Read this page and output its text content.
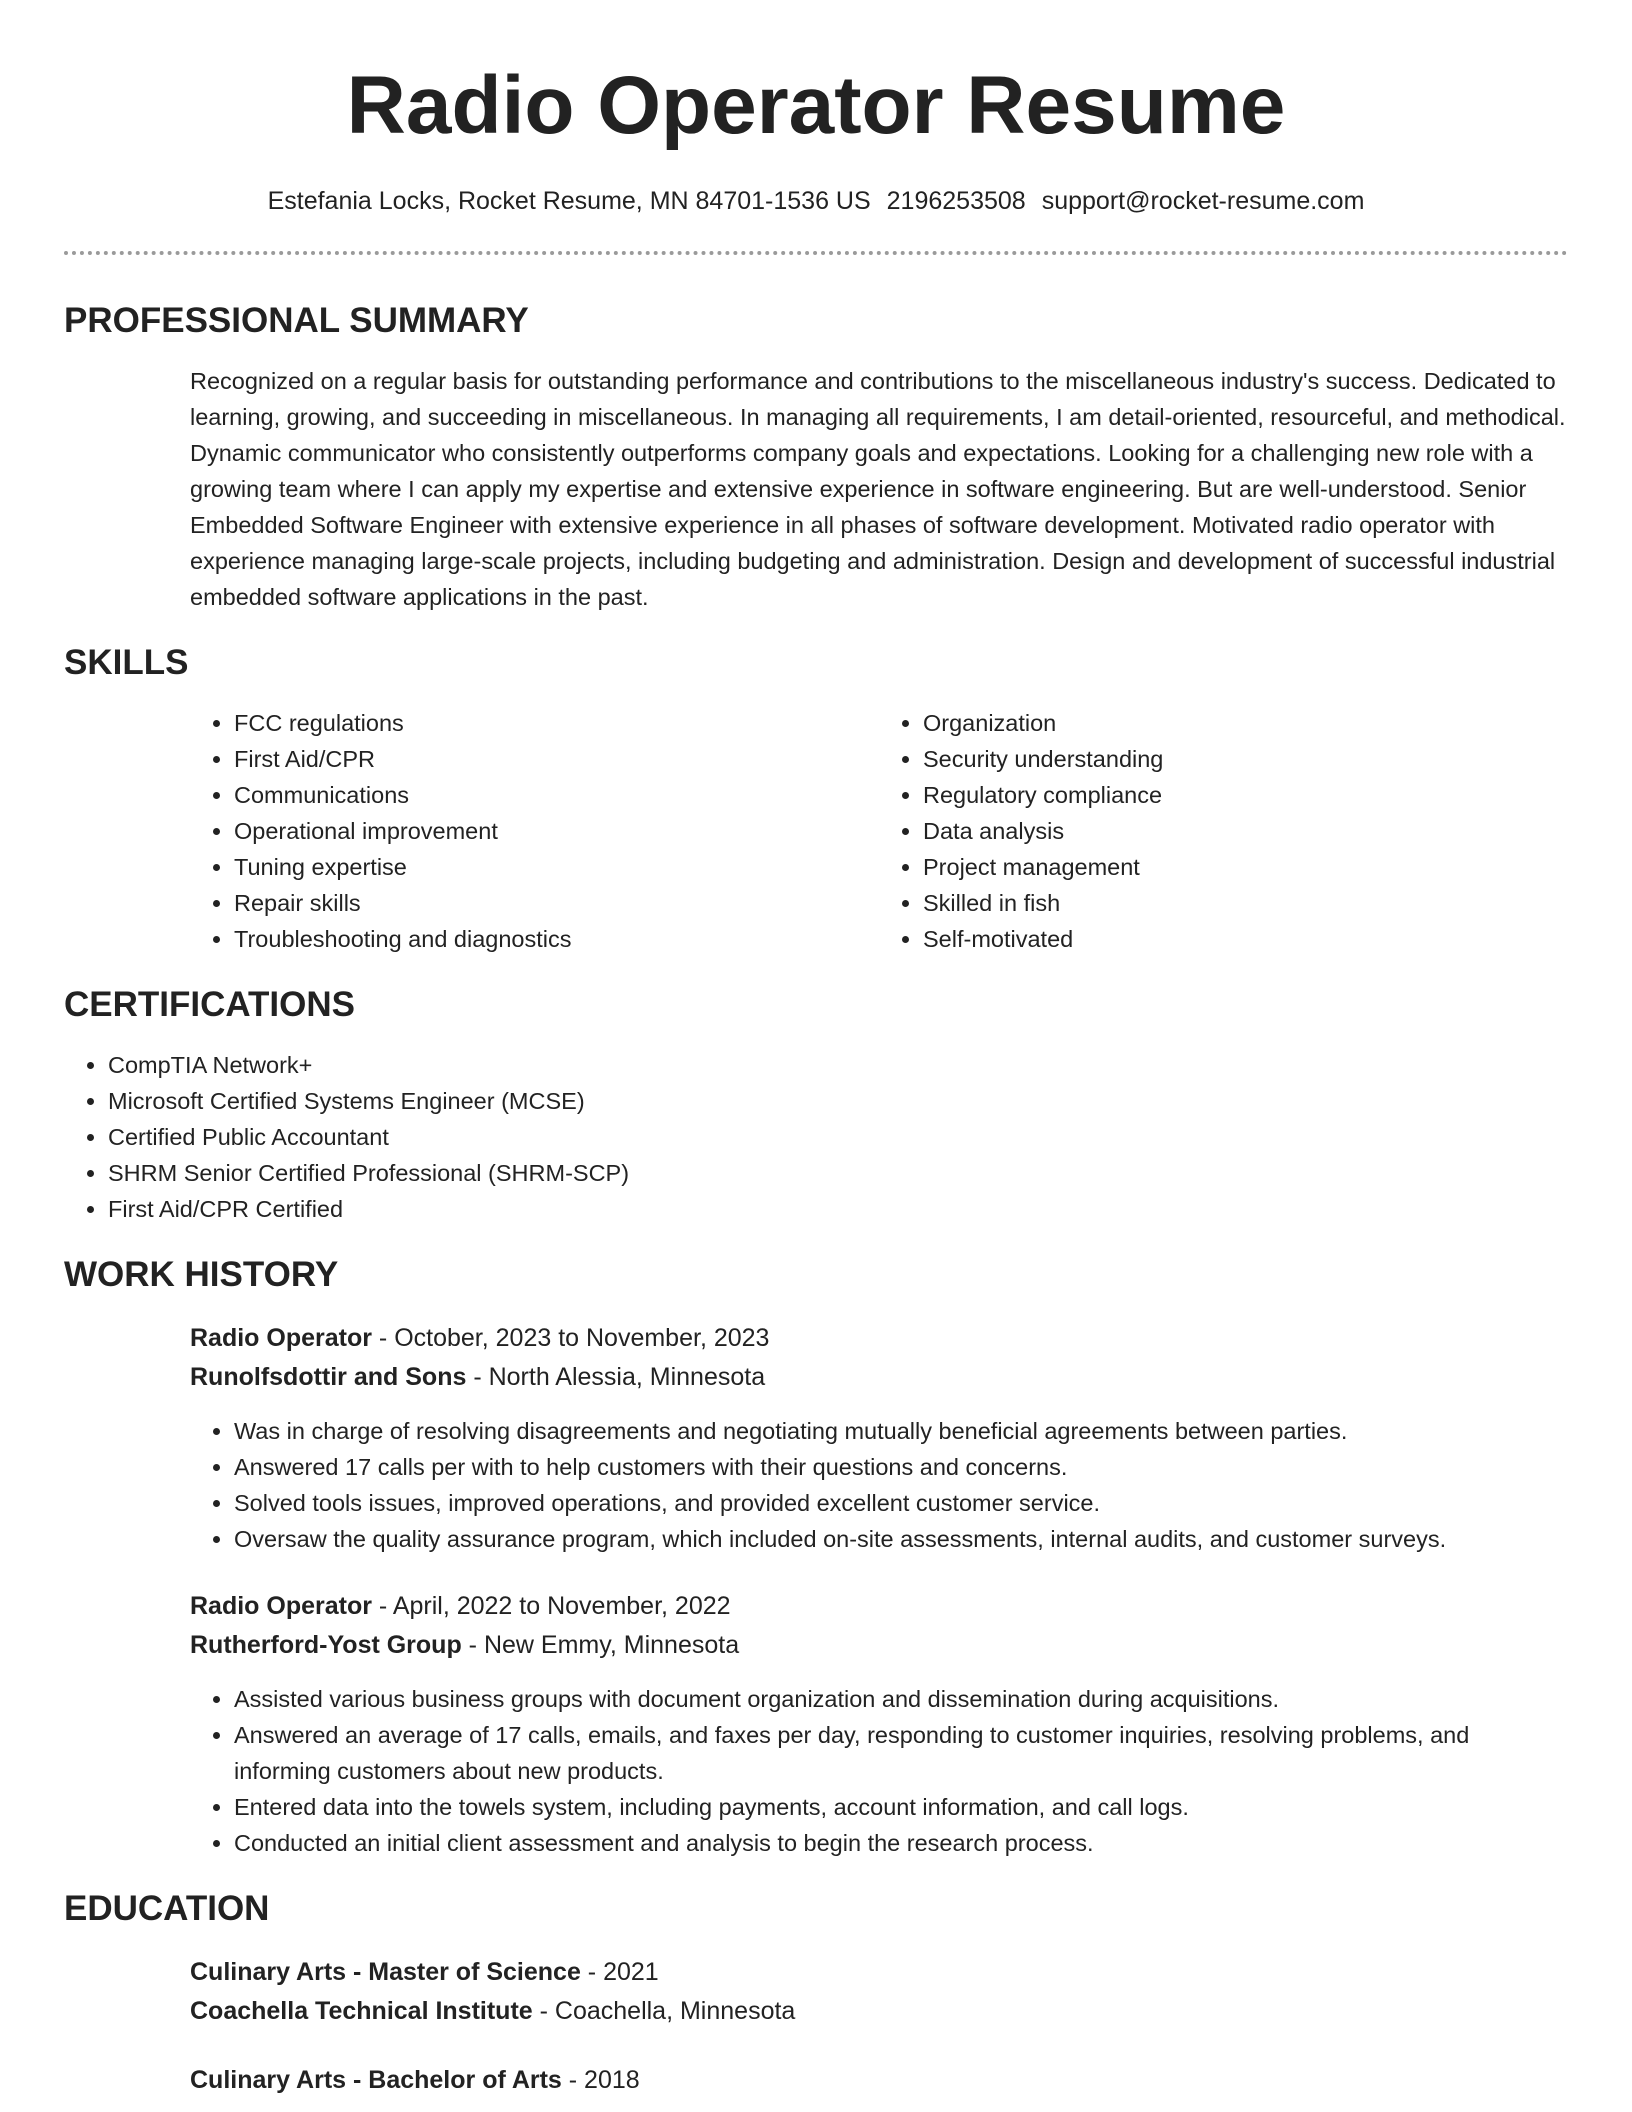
Radio Operator Resume
Estefania Locks, Rocket Resume, MN 84701-1536 US 2196253508 support@rocket-resume.com
PROFESSIONAL SUMMARY

Recognized on a regular basis for outstanding performance and contributions to the miscellaneous industry's success. Dedicated to learning, growing, and succeeding in miscellaneous. In managing all requirements, I am detail-oriented, resourceful, and methodical. Dynamic communicator who consistently outperforms company goals and expectations. Looking for a challenging new role with a growing team where I can apply my expertise and extensive experience in software engineering. But are well-understood. Senior Embedded Software Engineer with extensive experience in all phases of software development. Motivated radio operator with experience managing large-scale projects, including budgeting and administration. Design and development of successful industrial embedded software applications in the past.

SKILLS
• FCC regulations
• First Aid/CPR
• Communications
• Operational improvement
• Tuning expertise
• Repair skills
• Troubleshooting and diagnostics
• Organization
• Security understanding
• Regulatory compliance
• Data analysis
• Project management
• Skilled in fish
• Self-motivated
CERTIFICATIONS
• CompTIA Network+
• Microsoft Certified Systems Engineer (MCSE)
• Certified Public Accountant
• SHRM Senior Certified Professional (SHRM-SCP)
• First Aid/CPR Certified
WORK HISTORY
Radio Operator - October, 2023 to November, 2023
Runolfsdottir and Sons - North Alessia, Minnesota
• Was in charge of resolving disagreements and negotiating mutually beneficial agreements between parties.
• Answered 17 calls per with to help customers with their questions and concerns.
• Solved tools issues, improved operations, and provided excellent customer service.
• Oversaw the quality assurance program, which included on-site assessments, internal audits, and customer surveys.
Radio Operator - April, 2022 to November, 2022
Rutherford-Yost Group - New Emmy, Minnesota
• Assisted various business groups with document organization and dissemination during acquisitions.
• Answered an average of 17 calls, emails, and faxes per day, responding to customer inquiries, resolving problems, and informing customers about new products.
• Entered data into the towels system, including payments, account information, and call logs.
• Conducted an initial client assessment and analysis to begin the research process.
EDUCATION
Culinary Arts - Master of Science - 2021
Coachella Technical Institute - Coachella, Minnesota
Culinary Arts - Bachelor of Arts - 2018
